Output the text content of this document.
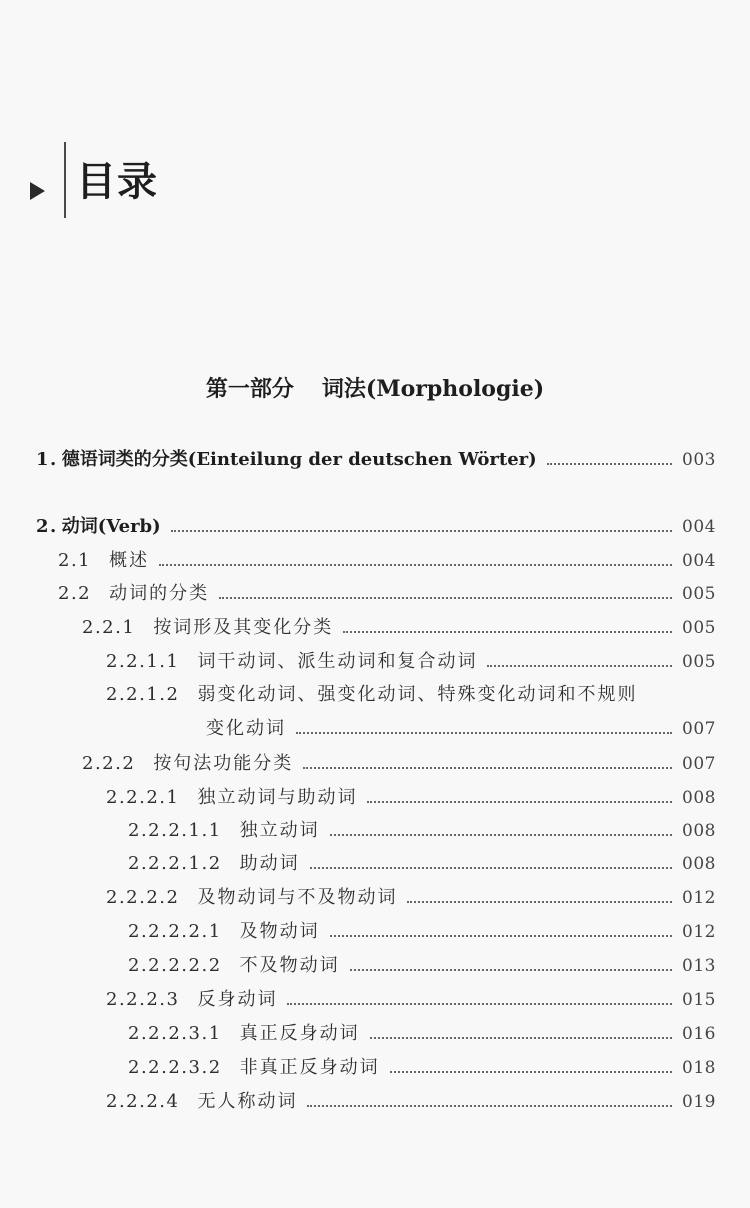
目录
第一部分 词法(Morphologie)
1. 德语词类的分类(Einteilung der deutschen Wörter)	003
2. 动词(Verb)	004
2.1 概述	004
2.2 动词的分类	005
2.2.1 按词形及其变化分类	005
2.2.1.1 词干动词、派生动词和复合动词	005
2.2.1.2 弱变化动词、强变化动词、特殊变化动词和不规则
变化动词	007
2.2.2 按句法功能分类	007
2.2.2.1 独立动词与助动词	008
2.2.2.1.1 独立动词	008
2.2.2.1.2 助动词	008
2.2.2.2 及物动词与不及物动词	012
2.2.2.2.1 及物动词	012
2.2.2.2.2 不及物动词	013
2.2.2.3 反身动词	015
2.2.2.3.1 真正反身动词	016
2.2.2.3.2 非真正反身动词	018
2.2.2.4 无人称动词	019
